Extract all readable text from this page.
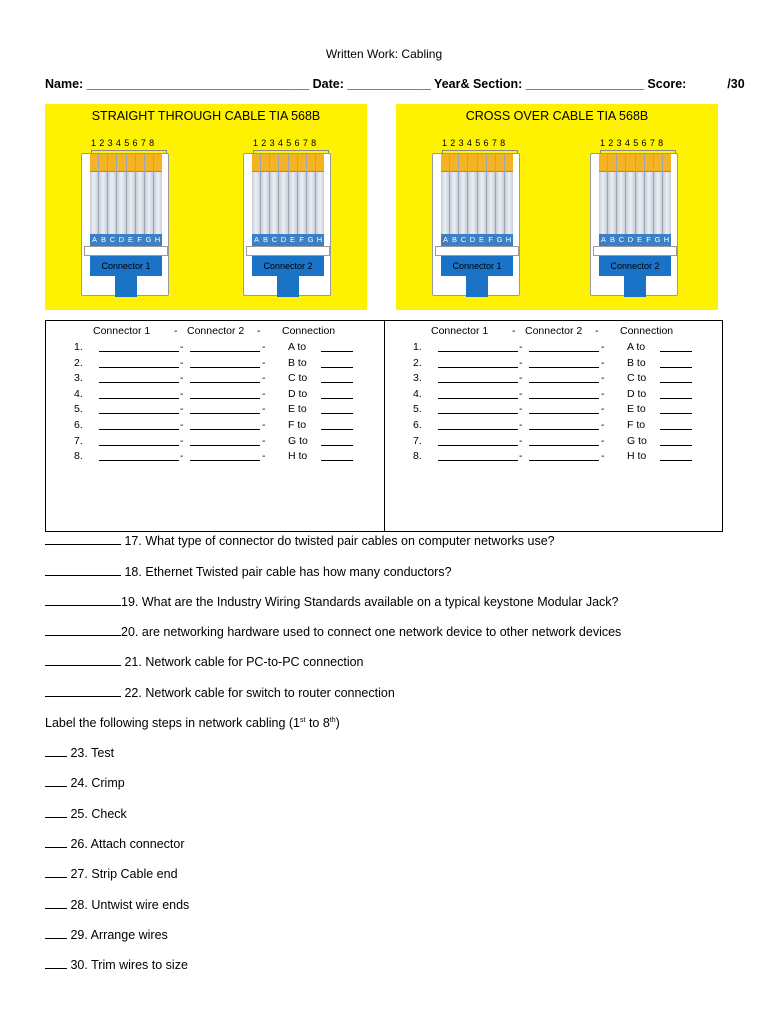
Written Work: Cabling
Name: ________________________________ Date: ____________ Year& Section: _________________ Score:	/30
STRAIGHT THROUGH CABLE TIA 568B
12345678
A B C D E F G H
Connector 1
12345678
A B C D E F G H
Connector 2
CROSS OVER CABLE TIA 568B
12345678
A B C D E F G H
Connector 1
12345678
A B C D E F G H
Connector 2
Connector 1 - Connector 2 - Connection
1.	-	- A to
2.	-	- B to
3.	-	- C to
4.	-	- D to
5.	-	- E to
6.	-	- F to
7.	-	- G to
8.	-	- H to
Connector 1 - Connector 2 - Connection
1.	-	- A to
2.	-	- B to
3.	-	- C to
4.	-	- D to
5.	-	- E to
6.	-	- F to
7.	-	- G to
8.	-	- H to
17. What type of connector do twisted pair cables on computer networks use?
18. Ethernet Twisted pair cable has how many conductors?
19. What are the Industry Wiring Standards available on a typical keystone Modular Jack?
20. are networking hardware used to connect one network device to other network devices
21. Network cable for PC-to-PC connection
22. Network cable for switch to router connection
Label the following steps in network cabling (1st to 8th)
23. Test
24. Crimp
25. Check
26. Attach connector
27. Strip Cable end
28. Untwist wire ends
29. Arrange wires
30. Trim wires to size
